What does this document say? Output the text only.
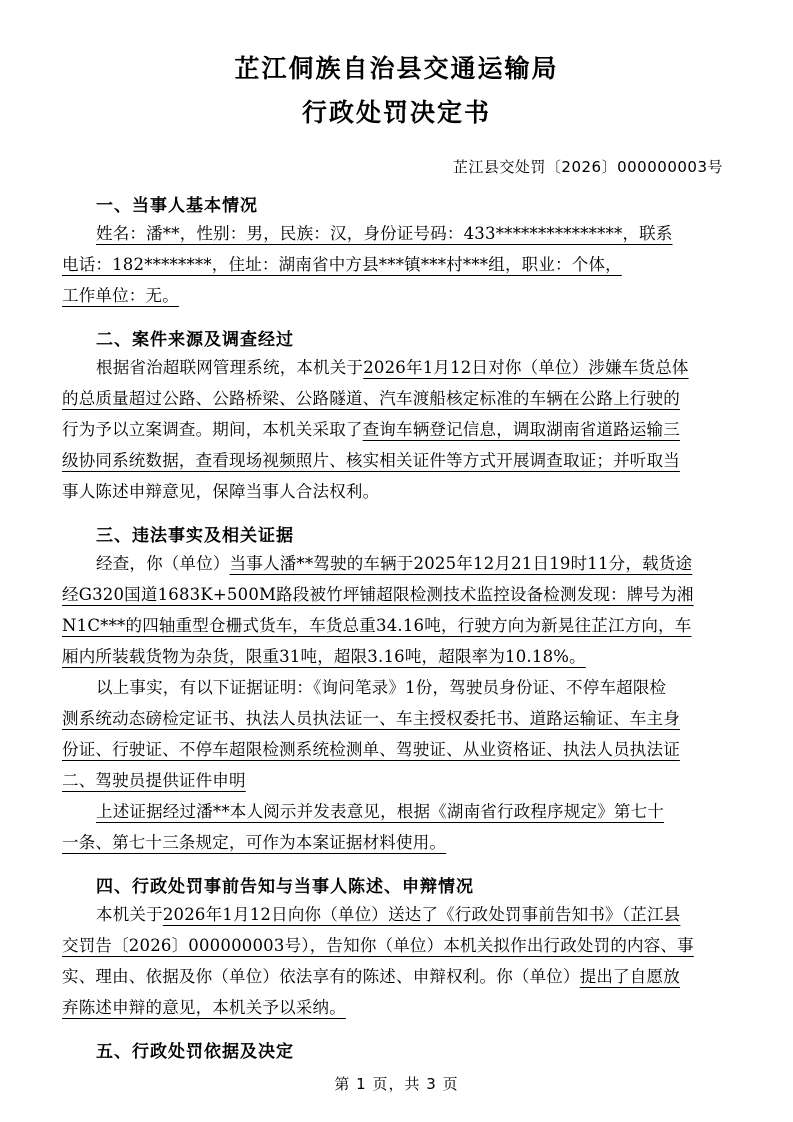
芷江侗族自治县交通运输局
行政处罚决定书
芷江县交处罚〔2026〕000000003号
一、当事人基本情况

姓名：潘**，性别：男，民族：汉，身份证号码：433***************，联系

电话：182********，住址：湖南省中方县***镇***村***组，职业：个体，

工作单位：无。

二、案件来源及调查经过

根据省治超联网管理系统，本机关于2026年1月12日对你（单位）涉嫌车货总体

的总质量超过公路、公路桥梁、公路隧道、汽车渡船核定标准的车辆在公路上行驶的

行为予以立案调查。期间，本机关采取了查询车辆登记信息，调取湖南省道路运输三

级协同系统数据，查看现场视频照片、核实相关证件等方式开展调查取证；并听取当

事人陈述申辩意见，保障当事人合法权利。

三、违法事实及相关证据

经查，你（单位）当事人潘**驾驶的车辆于2025年12月21日19时11分，载货途

经G320国道1683K+500M路段被竹坪铺超限检测技术监控设备检测发现：牌号为湘

N1C***的四轴重型仓栅式货车，车货总重34.16吨，行驶方向为新晃往芷江方向，车

厢内所装载货物为杂货，限重31吨，超限3.16吨，超限率为10.18%。

以上事实，有以下证据证明：《询问笔录》1份，驾驶员身份证、不停车超限检

测系统动态磅检定证书、执法人员执法证一、车主授权委托书、道路运输证、车主身

份证、行驶证、不停车超限检测系统检测单、驾驶证、从业资格证、执法人员执法证

二、驾驶员提供证件申明

上述证据经过潘**本人阅示并发表意见，根据《湖南省行政程序规定》第七十

一条、第七十三条规定，可作为本案证据材料使用。

四、行政处罚事前告知与当事人陈述、申辩情况

本机关于2026年1月12日向你（单位）送达了《行政处罚事前告知书》（芷江县

交罚告〔2026〕000000003号），告知你（单位）本机关拟作出行政处罚的内容、事

实、理由、依据及你（单位）依法享有的陈述、申辩权利。你（单位）提出了自愿放

弃陈述申辩的意见，本机关予以采纳。

五、行政处罚依据及决定
第 1 页，共 3 页
